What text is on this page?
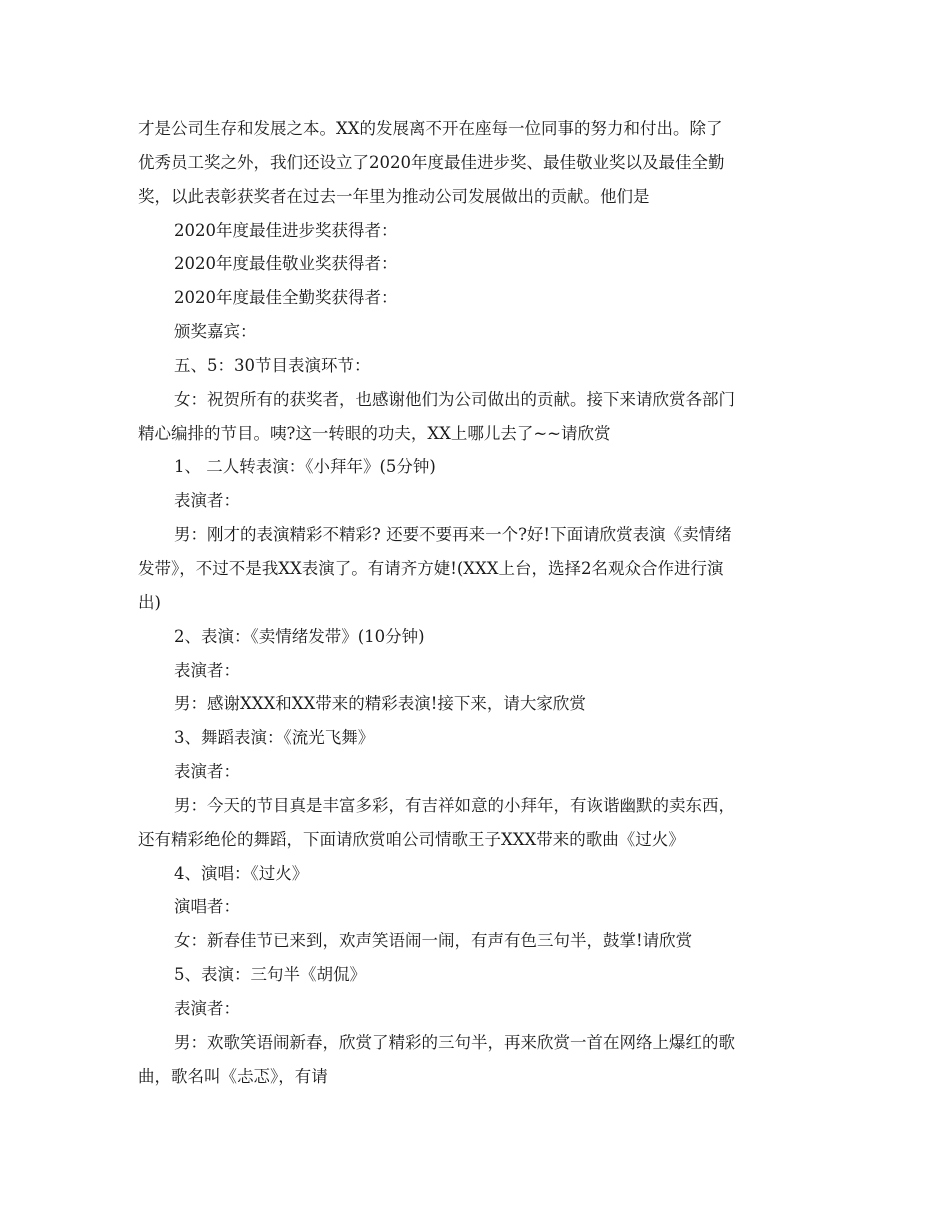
才是公司生存和发展之本。XX的发展离不开在座每一位同事的努力和付出。除了
优秀员工奖之外，我们还设立了2020年度最佳进步奖、最佳敬业奖以及最佳全勤
奖，以此表彰获奖者在过去一年里为推动公司发展做出的贡献。他们是
2020年度最佳进步奖获得者：
2020年度最佳敬业奖获得者：
2020年度最佳全勤奖获得者：
颁奖嘉宾：
五、5：30节目表演环节：
女：祝贺所有的获奖者，也感谢他们为公司做出的贡献。接下来请欣赏各部门
精心编排的节目。咦?这一转眼的功夫，XX上哪儿去了~~请欣赏
1、 二人转表演：《小拜年》(5分钟)
表演者：
男：刚才的表演精彩不精彩? 还要不要再来一个?好!下面请欣赏表演《卖情绪
发带》，不过不是我XX表演了。有请齐方婕!(XXX上台，选择2名观众合作进行演
出)
2、表演：《卖情绪发带》(10分钟)
表演者：
男：感谢XXX和XX带来的精彩表演!接下来，请大家欣赏
3、舞蹈表演：《流光飞舞》
表演者：
男：今天的节目真是丰富多彩，有吉祥如意的小拜年，有诙谐幽默的卖东西，
还有精彩绝伦的舞蹈，下面请欣赏咱公司情歌王子XXX带来的歌曲《过火》
4、演唱：《过火》
演唱者：
女：新春佳节已来到，欢声笑语闹一闹，有声有色三句半，鼓掌!请欣赏
5、表演：三句半《胡侃》
表演者：
男：欢歌笑语闹新春，欣赏了精彩的三句半，再来欣赏一首在网络上爆红的歌
曲，歌名叫《忐忑》，有请
